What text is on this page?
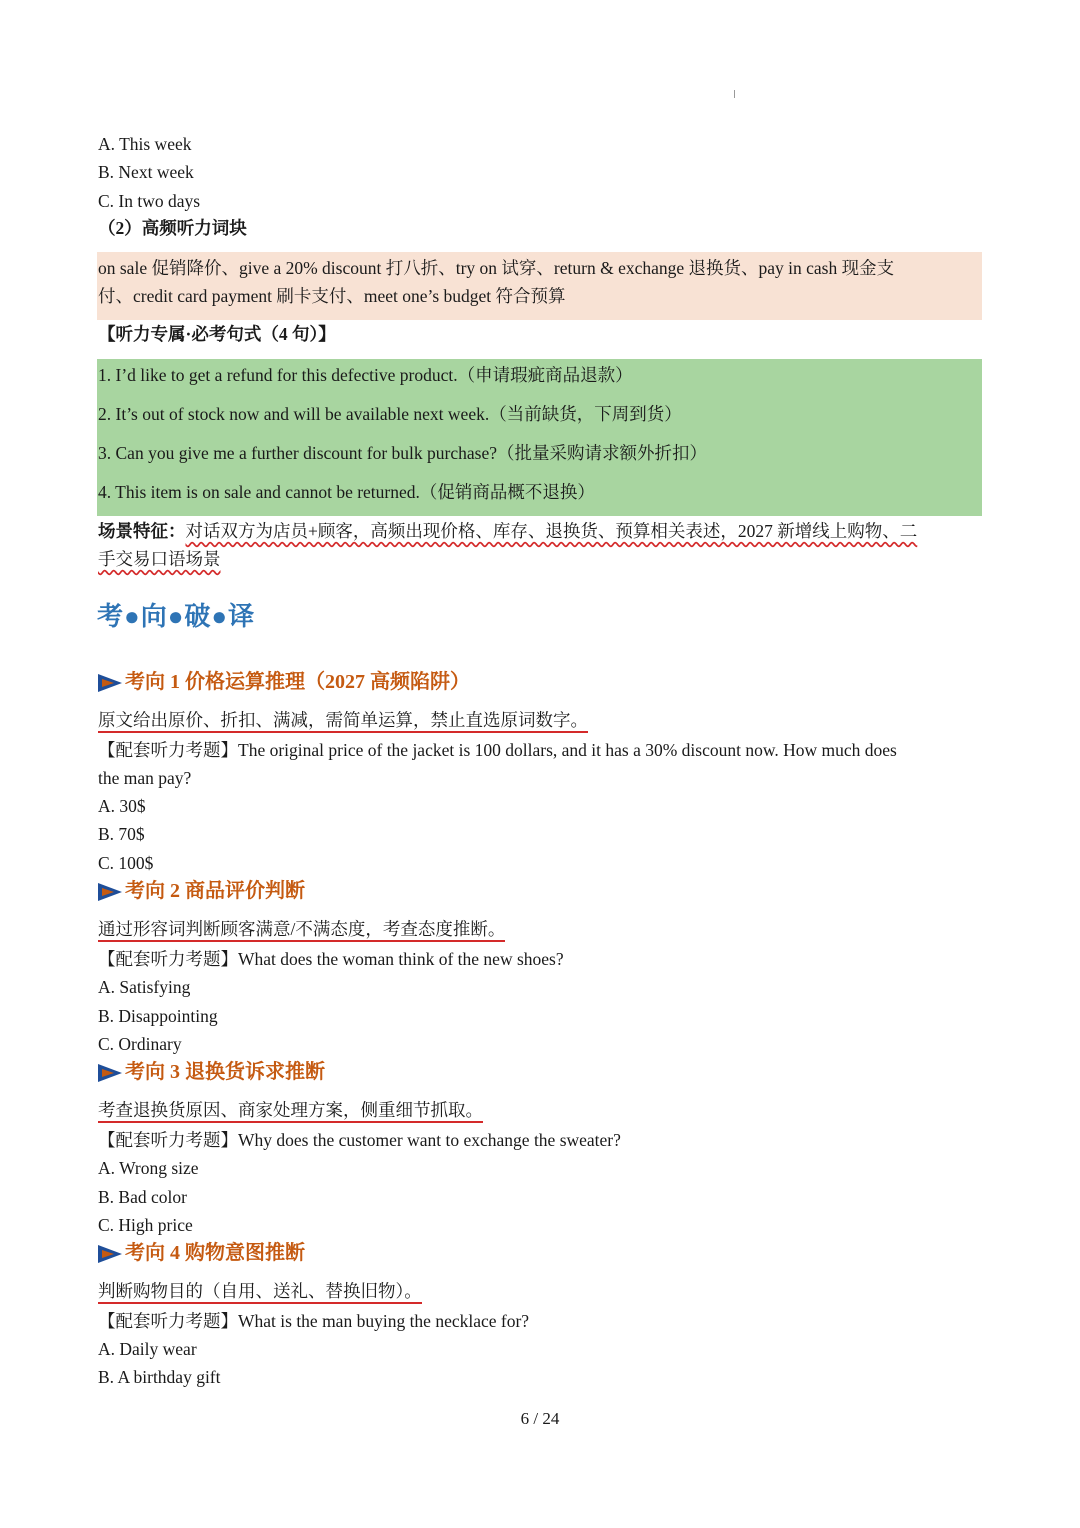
A. This week
B. Next week
C. In two days
（2）高频听力词块
on sale 促销降价、give a 20% discount 打八折、try on 试穿、return & exchange 退换货、pay in cash 现金支
付、credit card payment 刷卡支付、meet one’s budget 符合预算
【听力专属·必考句式（4 句）】
1. I’d like to get a refund for this defective product.（申请瑕疵商品退款）
2. It’s out of stock now and will be available next week.（当前缺货，下周到货）
3. Can you give me a further discount for bulk purchase?（批量采购请求额外折扣）
4. This item is on sale and cannot be returned.（促销商品概不退换）
场景特征：对话双方为店员+顾客，高频出现价格、库存、退换货、预算相关表述，2027 新增线上购物、二
手交易口语场景
考●向●破●译
考向 1 价格运算推理（2027 高频陷阱）
原文给出原价、折扣、满减，需简单运算，禁止直选原词数字。
【配套听力考题】The original price of the jacket is 100 dollars, and it has a 30% discount now. How much does
the man pay?
A. 30$
B. 70$
C. 100$
考向 2 商品评价判断
通过形容词判断顾客满意/不满态度，考查态度推断。
【配套听力考题】What does the woman think of the new shoes?
A. Satisfying
B. Disappointing
C. Ordinary
考向 3 退换货诉求推断
考查退换货原因、商家处理方案，侧重细节抓取。
【配套听力考题】Why does the customer want to exchange the sweater?
A. Wrong size
B. Bad color
C. High price
考向 4 购物意图推断
判断购物目的（自用、送礼、替换旧物）。
【配套听力考题】What is the man buying the necklace for?
A. Daily wear
B. A birthday gift
6 / 24
